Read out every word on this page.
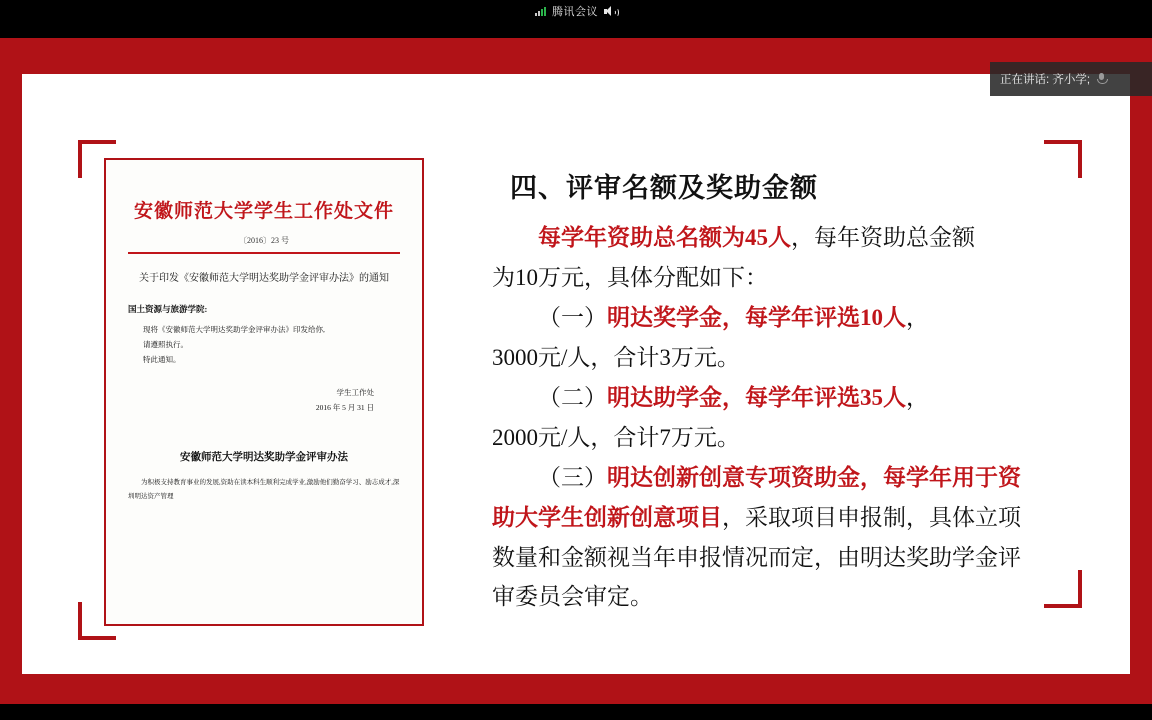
腾讯会议
安徽师范大学学生工作处文件
〔2016〕23 号
关于印发《安徽师范大学明达奖助学金评审办法》的通知
国土资源与旅游学院:
现将《安徽师范大学明达奖助学金评审办法》印发给你,
请遵照执行。
特此通知。
学生工作处
2016 年 5 月 31 日
安徽师范大学明达奖助学金评审办法
为积极支持教育事业的发展,资助在读本科生顺利完成学业,激励他们勤奋学习、励志成才,深圳明达资产管理
四、评审名额及奖助金额
每学年资助总名额为45人，每年资助总金额
为10万元，具体分配如下：
（一）明达奖学金，每学年评选10人，
3000元/人，合计3万元。
（二）明达助学金，每学年评选35人，
2000元/人，合计7万元。
（三）明达创新创意专项资助金，每学年用于资
助大学生创新创意项目，采取项目申报制，具体立项
数量和金额视当年申报情况而定，由明达奖助学金评
审委员会审定。
正在讲话: 齐小学;
